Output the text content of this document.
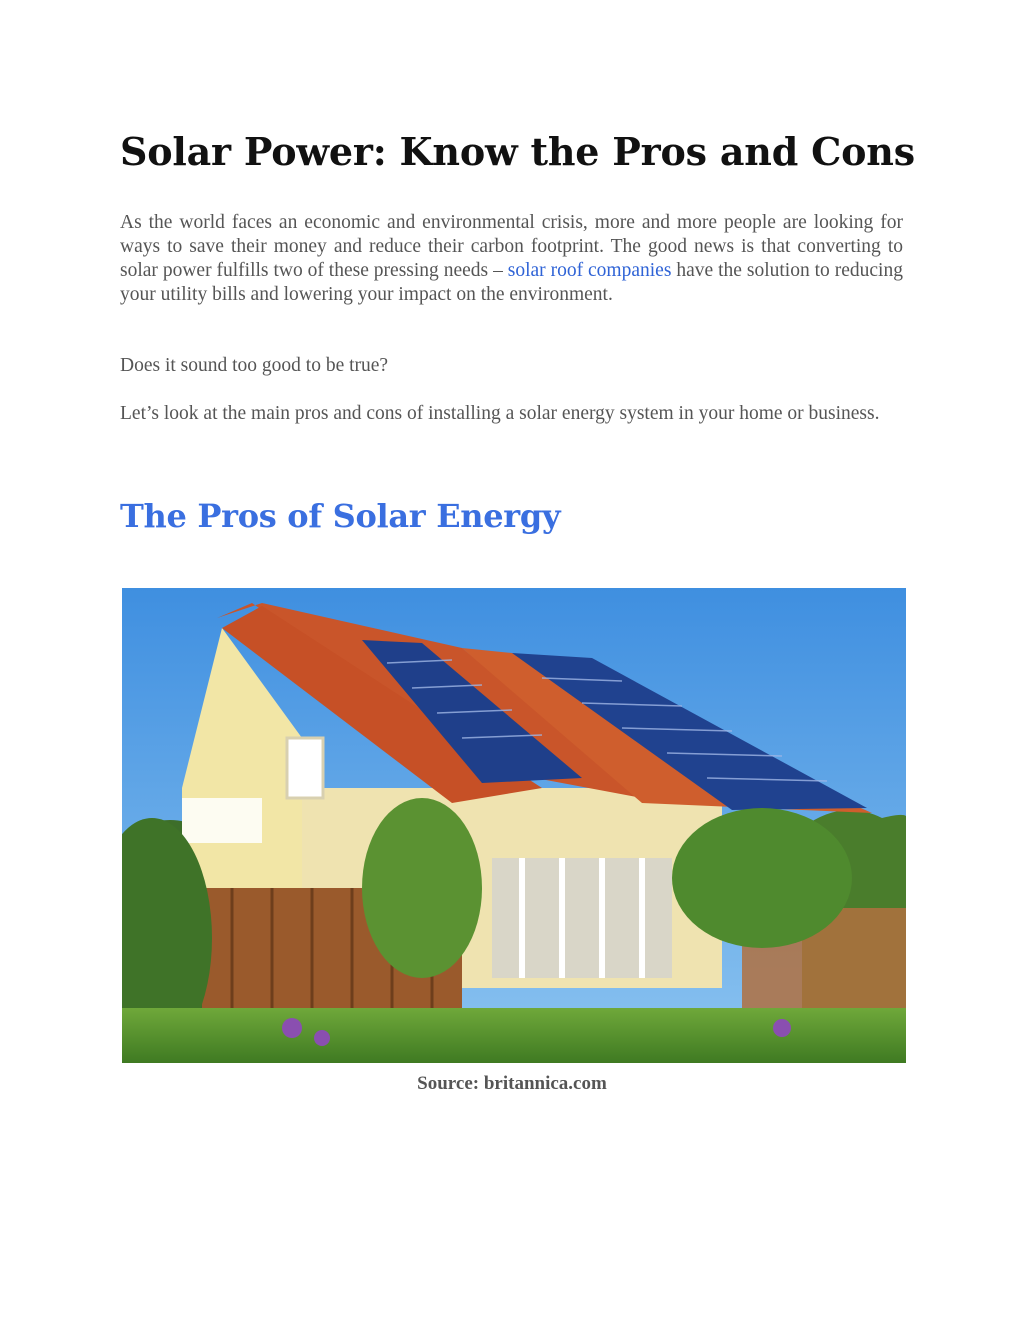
Solar Power: Know the Pros and Cons

As the world faces an economic and environmental crisis, more and more people are looking for ways to save their money and reduce their carbon footprint. The good news is that converting to solar power fulfills two of these pressing needs – solar roof companies have the solution to reducing your utility bills and lowering your impact on the environment.

Does it sound too good to be true?

Let’s look at the main pros and cons of installing a solar energy system in your home or business.

The Pros of Solar Energy

Source: britannica.com
